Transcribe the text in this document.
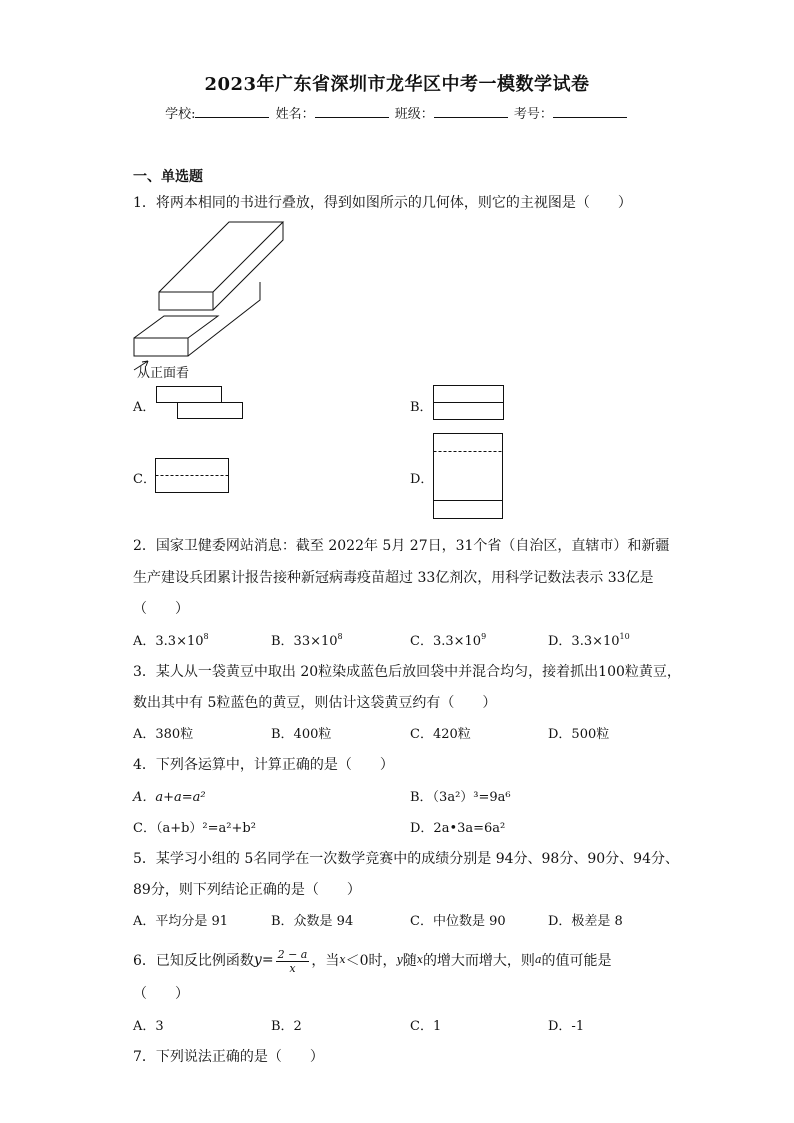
2023年广东省深圳市龙华区中考一模数学试卷
学校:	姓名：	班级：	考号：
一、单选题
1．将两本相同的书进行叠放，得到如图所示的几何体，则它的主视图是（　　）
从正面看
A．	B．
C．	D．
2．国家卫健委网站消息：截至 2022年 5月 27日，31个省（自治区，直辖市）和新疆
生产建设兵团累计报告接种新冠病毒疫苗超过 33亿剂次，用科学记数法表示 33亿是
（　　）
A．$3.3\times 10^8$	B．$33\times 10^8$	C．$3.3\times 10^9$	D．$3.3\times 10^{10}$
3．某人从一袋黄豆中取出 20粒染成蓝色后放回袋中并混合均匀，接着抓出100粒黄豆，
数出其中有 5粒蓝色的黄豆，则估计这袋黄豆约有（　　）
A．380粒	B．400粒	C．420粒	D．500粒
4．下列各运算中，计算正确的是（　　）
A．a+a=a²	B．（3a²）³=9a⁶
C．（a+b）²=a²+b²	D．2a•3a=6a²
5．某学习小组的 5名同学在一次数学竞赛中的成绩分别是 94分、98分、90分、94分、
89分，则下列结论正确的是（　　）
A．平均分是 91	B．众数是 94	C．中位数是 90	D．极差是 8
6．已知反比例函数 $y = \frac{2 - a}{x}$ ，当 x ＜0时， y 随 x 的增大而增大，则 a 的值可能是
（　　）
A．3	B．2	C．1	D．-1
7．下列说法正确的是（　　）
